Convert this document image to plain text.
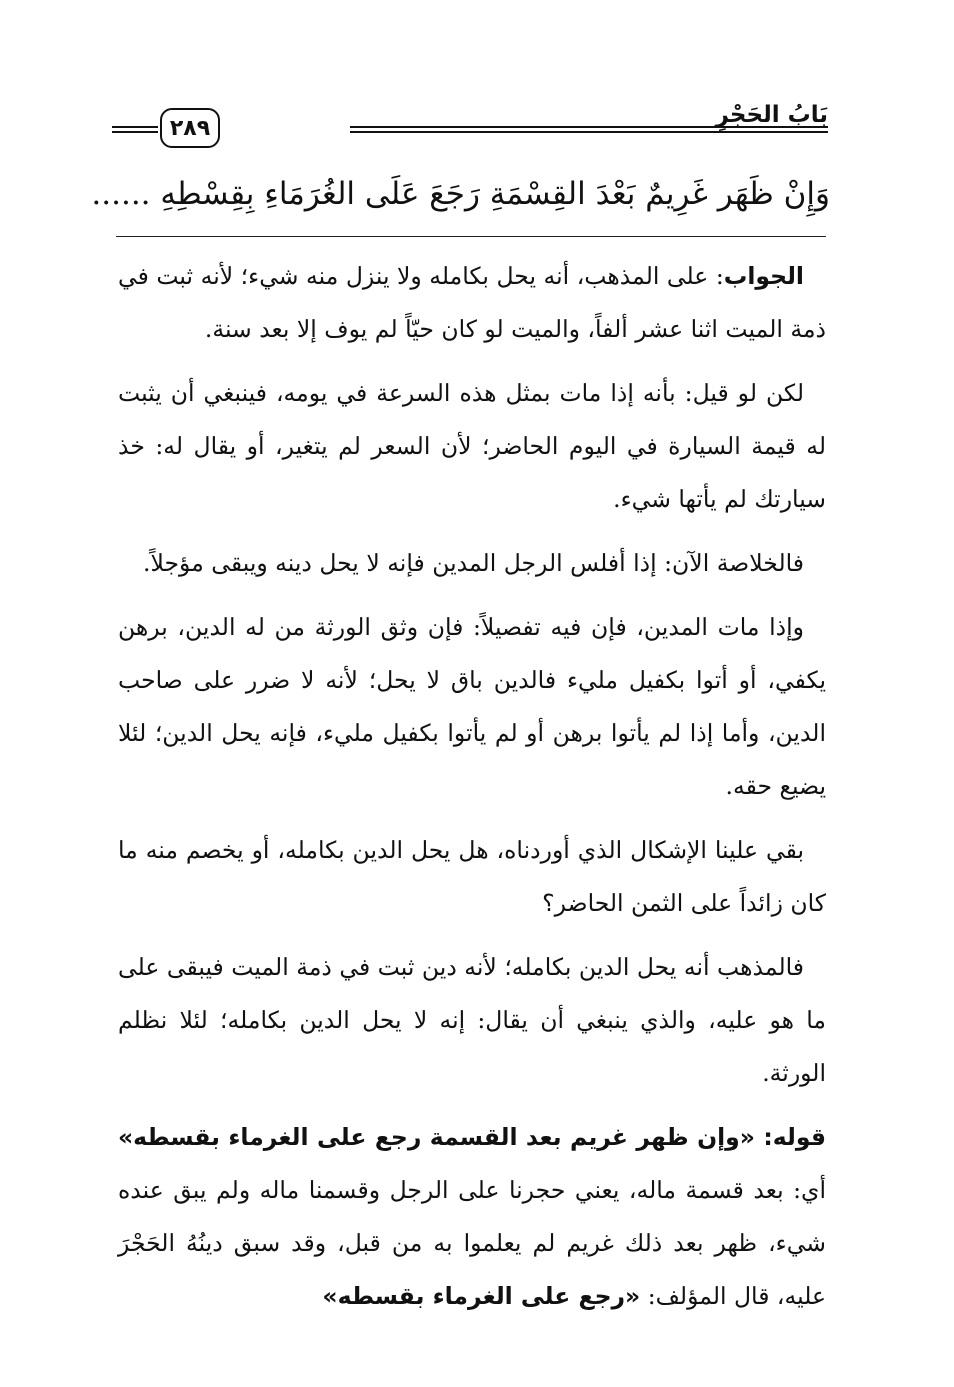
بَابُ الحَجْرِ
٢٨٩
وَإِنْ ظَهَر غَرِيمٌ بَعْدَ القِسْمَةِ رَجَعَ عَلَى الغُرَمَاءِ بِقِسْطِهِ ......

الجواب: على المذهب، أنه يحل بكامله ولا ينزل منه شيء؛ لأنه ثبت في ذمة الميت اثنا عشر ألفاً، والميت لو كان حيّاً لم يوف إلا بعد سنة.

لكن لو قيل: بأنه إذا مات بمثل هذه السرعة في يومه، فينبغي أن يثبت له قيمة السيارة في اليوم الحاضر؛ لأن السعر لم يتغير، أو يقال له: خذ سيارتك لم يأتها شيء.

فالخلاصة الآن: إذا أفلس الرجل المدين فإنه لا يحل دينه ويبقى مؤجلاً.

وإذا مات المدين، فإن فيه تفصيلاً: فإن وثق الورثة من له الدين، برهن يكفي، أو أتوا بكفيل مليء فالدين باق لا يحل؛ لأنه لا ضرر على صاحب الدين، وأما إذا لم يأتوا برهن أو لم يأتوا بكفيل مليء، فإنه يحل الدين؛ لئلا يضيع حقه.

بقي علينا الإشكال الذي أوردناه، هل يحل الدين بكامله، أو يخصم منه ما كان زائداً على الثمن الحاضر؟

فالمذهب أنه يحل الدين بكامله؛ لأنه دين ثبت في ذمة الميت فيبقى على ما هو عليه، والذي ينبغي أن يقال: إنه لا يحل الدين بكامله؛ لئلا نظلم الورثة.

قوله: «وإن ظهر غريم بعد القسمة رجع على الغرماء بقسطه» أي: بعد قسمة ماله، يعني حجرنا على الرجل وقسمنا ماله ولم يبق عنده شيء، ظهر بعد ذلك غريم لم يعلموا به من قبل، وقد سبق دينُهُ الحَجْرَ عليه، قال المؤلف: «رجع على الغرماء بقسطه»
